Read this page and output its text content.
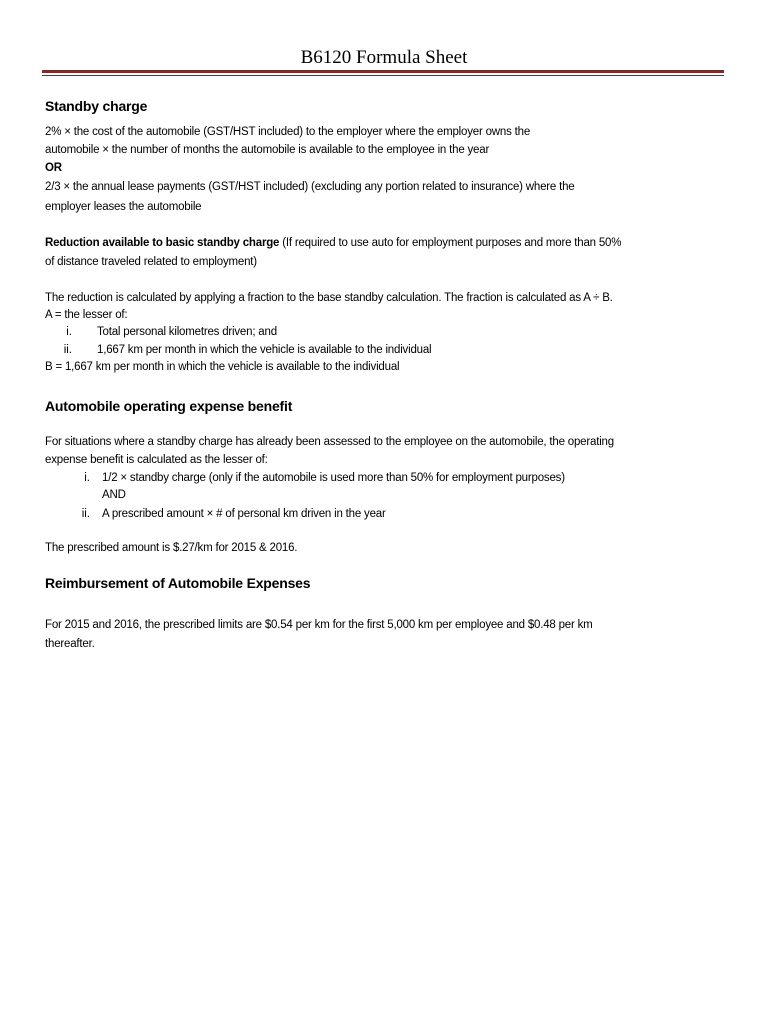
B6120 Formula Sheet
Standby charge
2% × the cost of the automobile (GST/HST included) to the employer where the employer owns the
automobile × the number of months the automobile is available to the employee in the year
OR
2/3 × the annual lease payments (GST/HST included) (excluding any portion related to insurance) where the
employer leases the automobile
Reduction available to basic standby charge (If required to use auto for employment purposes and more than 50%
of distance traveled related to employment)
The reduction is calculated by applying a fraction to the base standby calculation. The fraction is calculated as A ÷ B.
A = the lesser of:
i. Total personal kilometres driven; and
ii. 1,667 km per month in which the vehicle is available to the individual
B = 1,667 km per month in which the vehicle is available to the individual
Automobile operating expense benefit
For situations where a standby charge has already been assessed to the employee on the automobile, the operating
expense benefit is calculated as the lesser of:
i. 1/2 × standby charge (only if the automobile is used more than 50% for employment purposes)
AND
ii. A prescribed amount × # of personal km driven in the year
The prescribed amount is $.27/km for 2015 & 2016.
Reimbursement of Automobile Expenses
For 2015 and 2016, the prescribed limits are $0.54 per km for the first 5,000 km per employee and $0.48 per km
thereafter.
